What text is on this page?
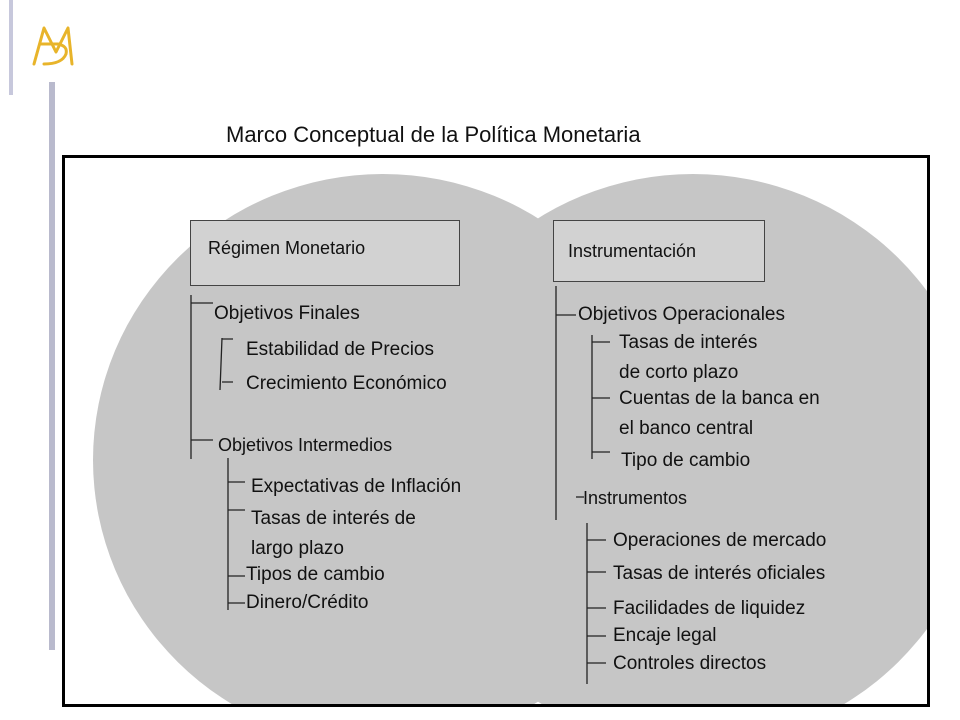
Marco Conceptual de la Política Monetaria
Régimen Monetario	Instrumentación
Objetivos Finales
Estabilidad de Precios
Crecimiento Económico
Objetivos Intermedios
Expectativas de Inflación
Tasas de interés de
largo plazo
Tipos de cambio
Dinero/Crédito
Objetivos Operacionales
Tasas de interés
de corto plazo
Cuentas de la banca en
el banco central
Tipo de cambio
Instrumentos
Operaciones de mercado
Tasas de interés oficiales
Facilidades de liquidez
Encaje legal
Controles directos
